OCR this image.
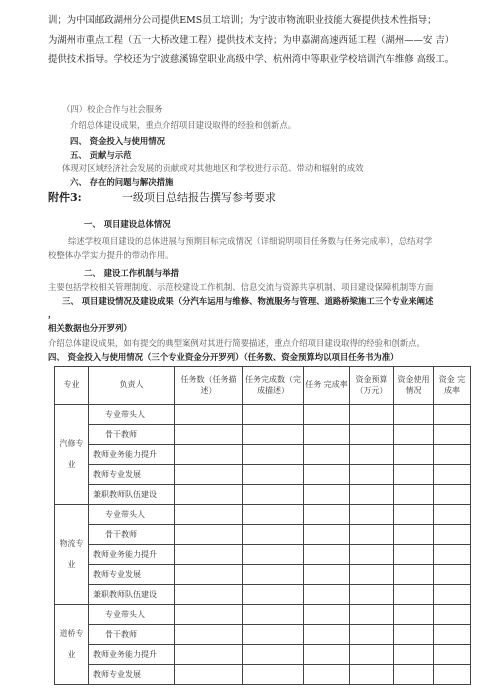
训；为中国邮政湖州分公司提供EMS员工培训；为宁波市物流职业技能大赛提供技术性指导；
为湖州市重点工程（五一大桥改建工程）提供技术支持；为申嘉湖高速西延工程（湖州——安 吉）
提供技术指导。学校还为宁波慈溪锦堂职业高级中学、杭州湾中等职业学校培训汽车维修 高级工。
（四）校企合作与社会服务
介绍总体建设成果，重点介绍项目建设取得的经验和创新点。
四、 资金投入与使用情况
五、 贡献与示范
体现对区域经济社会发展的贡献或对其他地区和学校进行示范、带动和辐射的成效
六、 存在的问题与解决措施
附件3:	一级项目总结报告撰写参考要求
一、 项目建设总体情况
综述学校项目建设的总体进展与预期目标完成情况（详细说明项目任务数与任务完成率），总结对学
校整体办学实力提升的带动作用。
二、 建设工作机制与举措
主要包括学校相关管理制度、示范校建设工作机制、信息交流与资源共享机制、项目建设保障机制等方面
三、 项目建设情况及建设成果（分汽车运用与维修、物流服务与管理、道路桥梁施工三个专业来阐述
，
相关数据也分开罗列）
介绍总体建设成果，如有提交的典型案例对其进行简要描述，重点介绍项目建设取得的经验和创新点。
四、 资金投入与使用情况（三个专业资金分开罗列）（任务数、资金预算均以项目任务书为准）
专业	负责人	任务数（任务描述）	任务完成数（完成描述）	任务 完成率	资金预算（万元）	资金使用情况	资金 完成率
汽修专业	专业带头人						
	骨干教师						
	教师业务能力提升						
	教师专业发展						
	兼职教师队伍建设						
物流专业	专业带头人						
	骨干教师						
	教师业务能力提升						
	教师专业发展						
	兼职教师队伍建设						
道桥专业	专业带头人						
	骨干教师						
	教师业务能力提升						
	教师专业发展						
